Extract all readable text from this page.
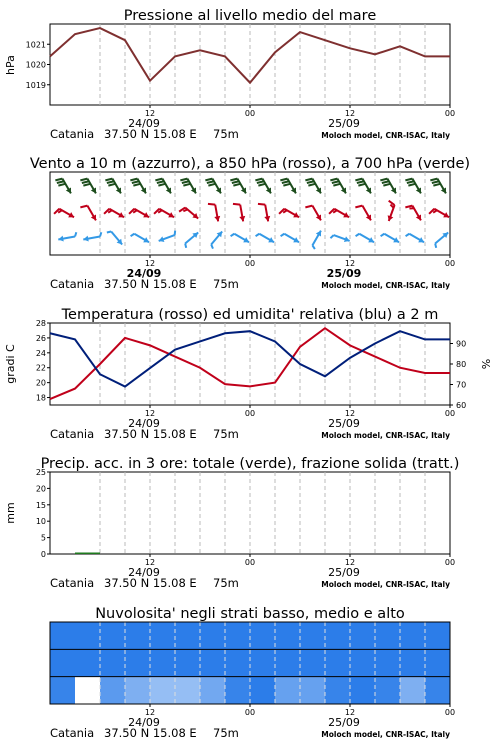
Pressione al livello medio del mare
12	00	12	00
24/09	25/09
Catania 37.50 N 15.08 E 75m	Moloch model, CNR-ISAC, Italy
1019
1020
1021
hPa
Vento a 10 m (azzurro), a 850 hPa (rosso), a 700 hPa (verde)
12	00	12	00
24/09	25/09
Catania 37.50 N 15.08 E 75m	Moloch model, CNR-ISAC, Italy
Temperatura (rosso) ed umidita' relativa (blu) a 2 m
12	00	12	00
24/09	25/09
Catania 37.50 N 15.08 E 75m	Moloch model, CNR-ISAC, Italy
18
20
22
24
26
28
60
70
80
90
gradi C	%
Precip. acc. in 3 ore: totale (verde), frazione solida (tratt.)
12	00	12	00
24/09	25/09
Catania 37.50 N 15.08 E 75m	Moloch model, CNR-ISAC, Italy
0
5
10
15
20
25
mm
Nuvolosita' negli strati basso, medio e alto
12	00	12	00
24/09	25/09
Catania 37.50 N 15.08 E 75m	Moloch model, CNR-ISAC, Italy
